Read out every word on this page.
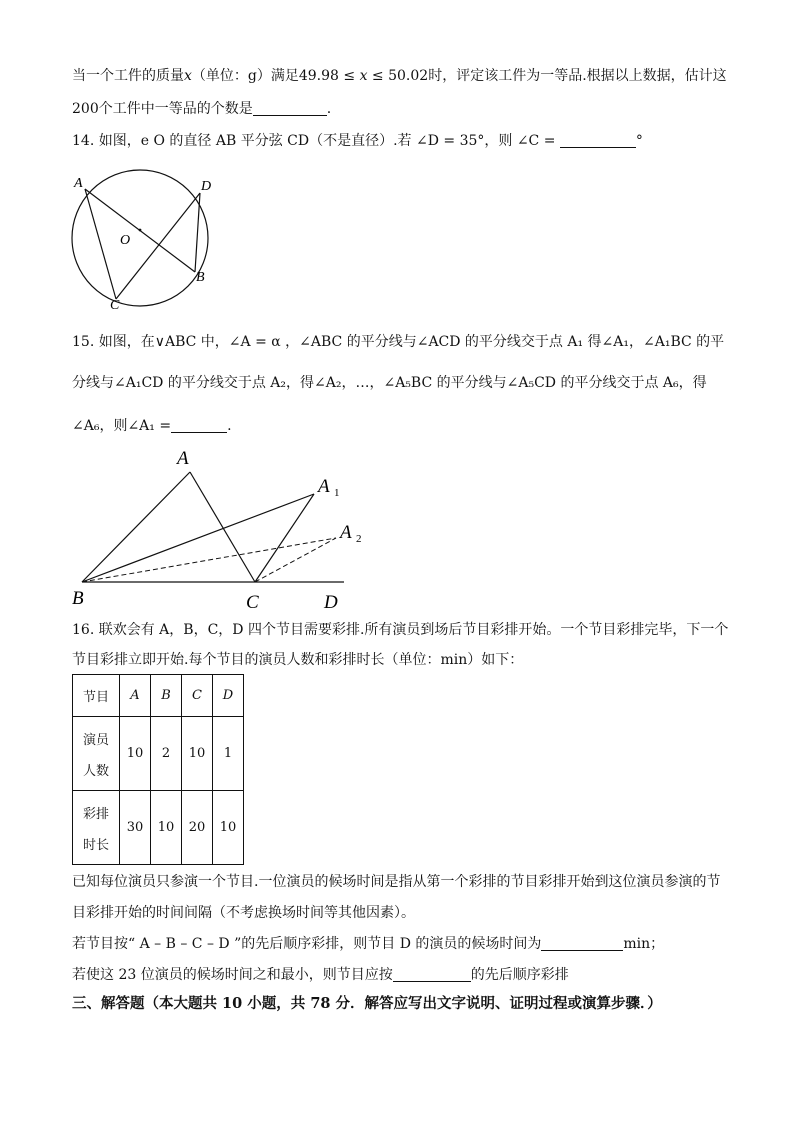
当一个工件的质量x（单位：g）满足49.98 ≤ x ≤ 50.02时，评定该工件为一等品.根据以上数据，估计这
200个工件中一等品的个数是	.
14. 如图，e O 的直径 AB 平分弦 CD（不是直径）.若 ∠D = 35°，则 ∠C =	°
A	D
O
B
C
15. 如图，在∨ABC 中，∠A = α ，∠ABC 的平分线与∠ACD 的平分线交于点 A₁ 得∠A₁，∠A₁BC 的平
分线与∠A₁CD 的平分线交于点 A₂，得∠A₂，…，∠A₅BC 的平分线与∠A₅CD 的平分线交于点 A₆，得
∠A₆，则∠A₁ =	.
A
A 1
A 2
B	C	D
16. 联欢会有 A，B，C，D 四个节目需要彩排.所有演员到场后节目彩排开始。一个节目彩排完毕，下一个
节目彩排立即开始.每个节目的演员人数和彩排时长（单位：min）如下：
节目	A	B	C	D

演员
人数	10	2	10	1

彩排
时长	30	10	20	10
已知每位演员只参演一个节目.一位演员的候场时间是指从第一个彩排的节目彩排开始到这位演员参演的节
目彩排开始的时间间隔（不考虑换场时间等其他因素）。
若节目按“ A – B – C – D ”的先后顺序彩排，则节目 D 的演员的候场时间为	min；
若使这 23 位演员的候场时间之和最小，则节目应按	的先后顺序彩排
三、解答题（本大题共 10 小题，共 78 分．解答应写出文字说明、证明过程或演算步骤．）
